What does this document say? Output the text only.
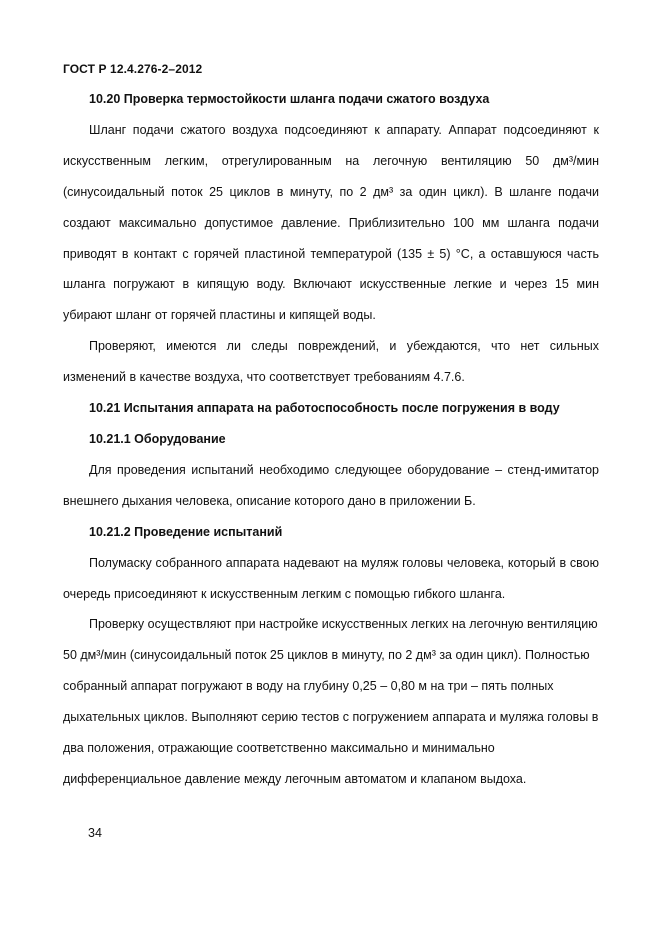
ГОСТ Р 12.4.276-2–2012

10.20 Проверка термостойкости шланга подачи сжатого воздуха

Шланг подачи сжатого воздуха подсоединяют к аппарату. Аппарат подсоединяют к искусственным легким, отрегулированным на легочную вентиляцию 50 дм³/мин (синусоидальный поток 25 циклов в минуту, по 2 дм³ за один цикл). В шланге подачи создают максимально допустимое давление. Приблизительно 100 мм шланга подачи приводят в контакт с горячей пластиной температурой (135 ± 5) °С, а оставшуюся часть шланга погружают в кипящую воду. Включают искусственные легкие и через 15 мин убирают шланг от горячей пластины и кипящей воды.

Проверяют, имеются ли следы повреждений, и убеждаются, что нет сильных изменений в качестве воздуха, что соответствует требованиям 4.7.6.

10.21 Испытания аппарата на работоспособность после погружения в воду

10.21.1 Оборудование

Для проведения испытаний необходимо следующее оборудование – стенд-имитатор внешнего дыхания человека, описание которого дано в приложении Б.

10.21.2 Проведение испытаний

Полумаску собранного аппарата надевают на муляж головы человека, который в свою очередь присоединяют к искусственным легким с помощью гибкого шланга.

Проверку осуществляют при настройке искусственных легких на легочную вентиляцию 50 дм³/мин (синусоидальный поток 25 циклов в минуту, по 2 дм³ за один цикл). Полностью собранный аппарат погружают в воду на глубину 0,25 – 0,80 м на три – пять полных дыхательных циклов. Выполняют серию тестов с погружением аппарата и муляжа головы в два положения, отражающие соответственно максимально и минимально дифференциальное давление между легочным автоматом и клапаном выдоха.

34
